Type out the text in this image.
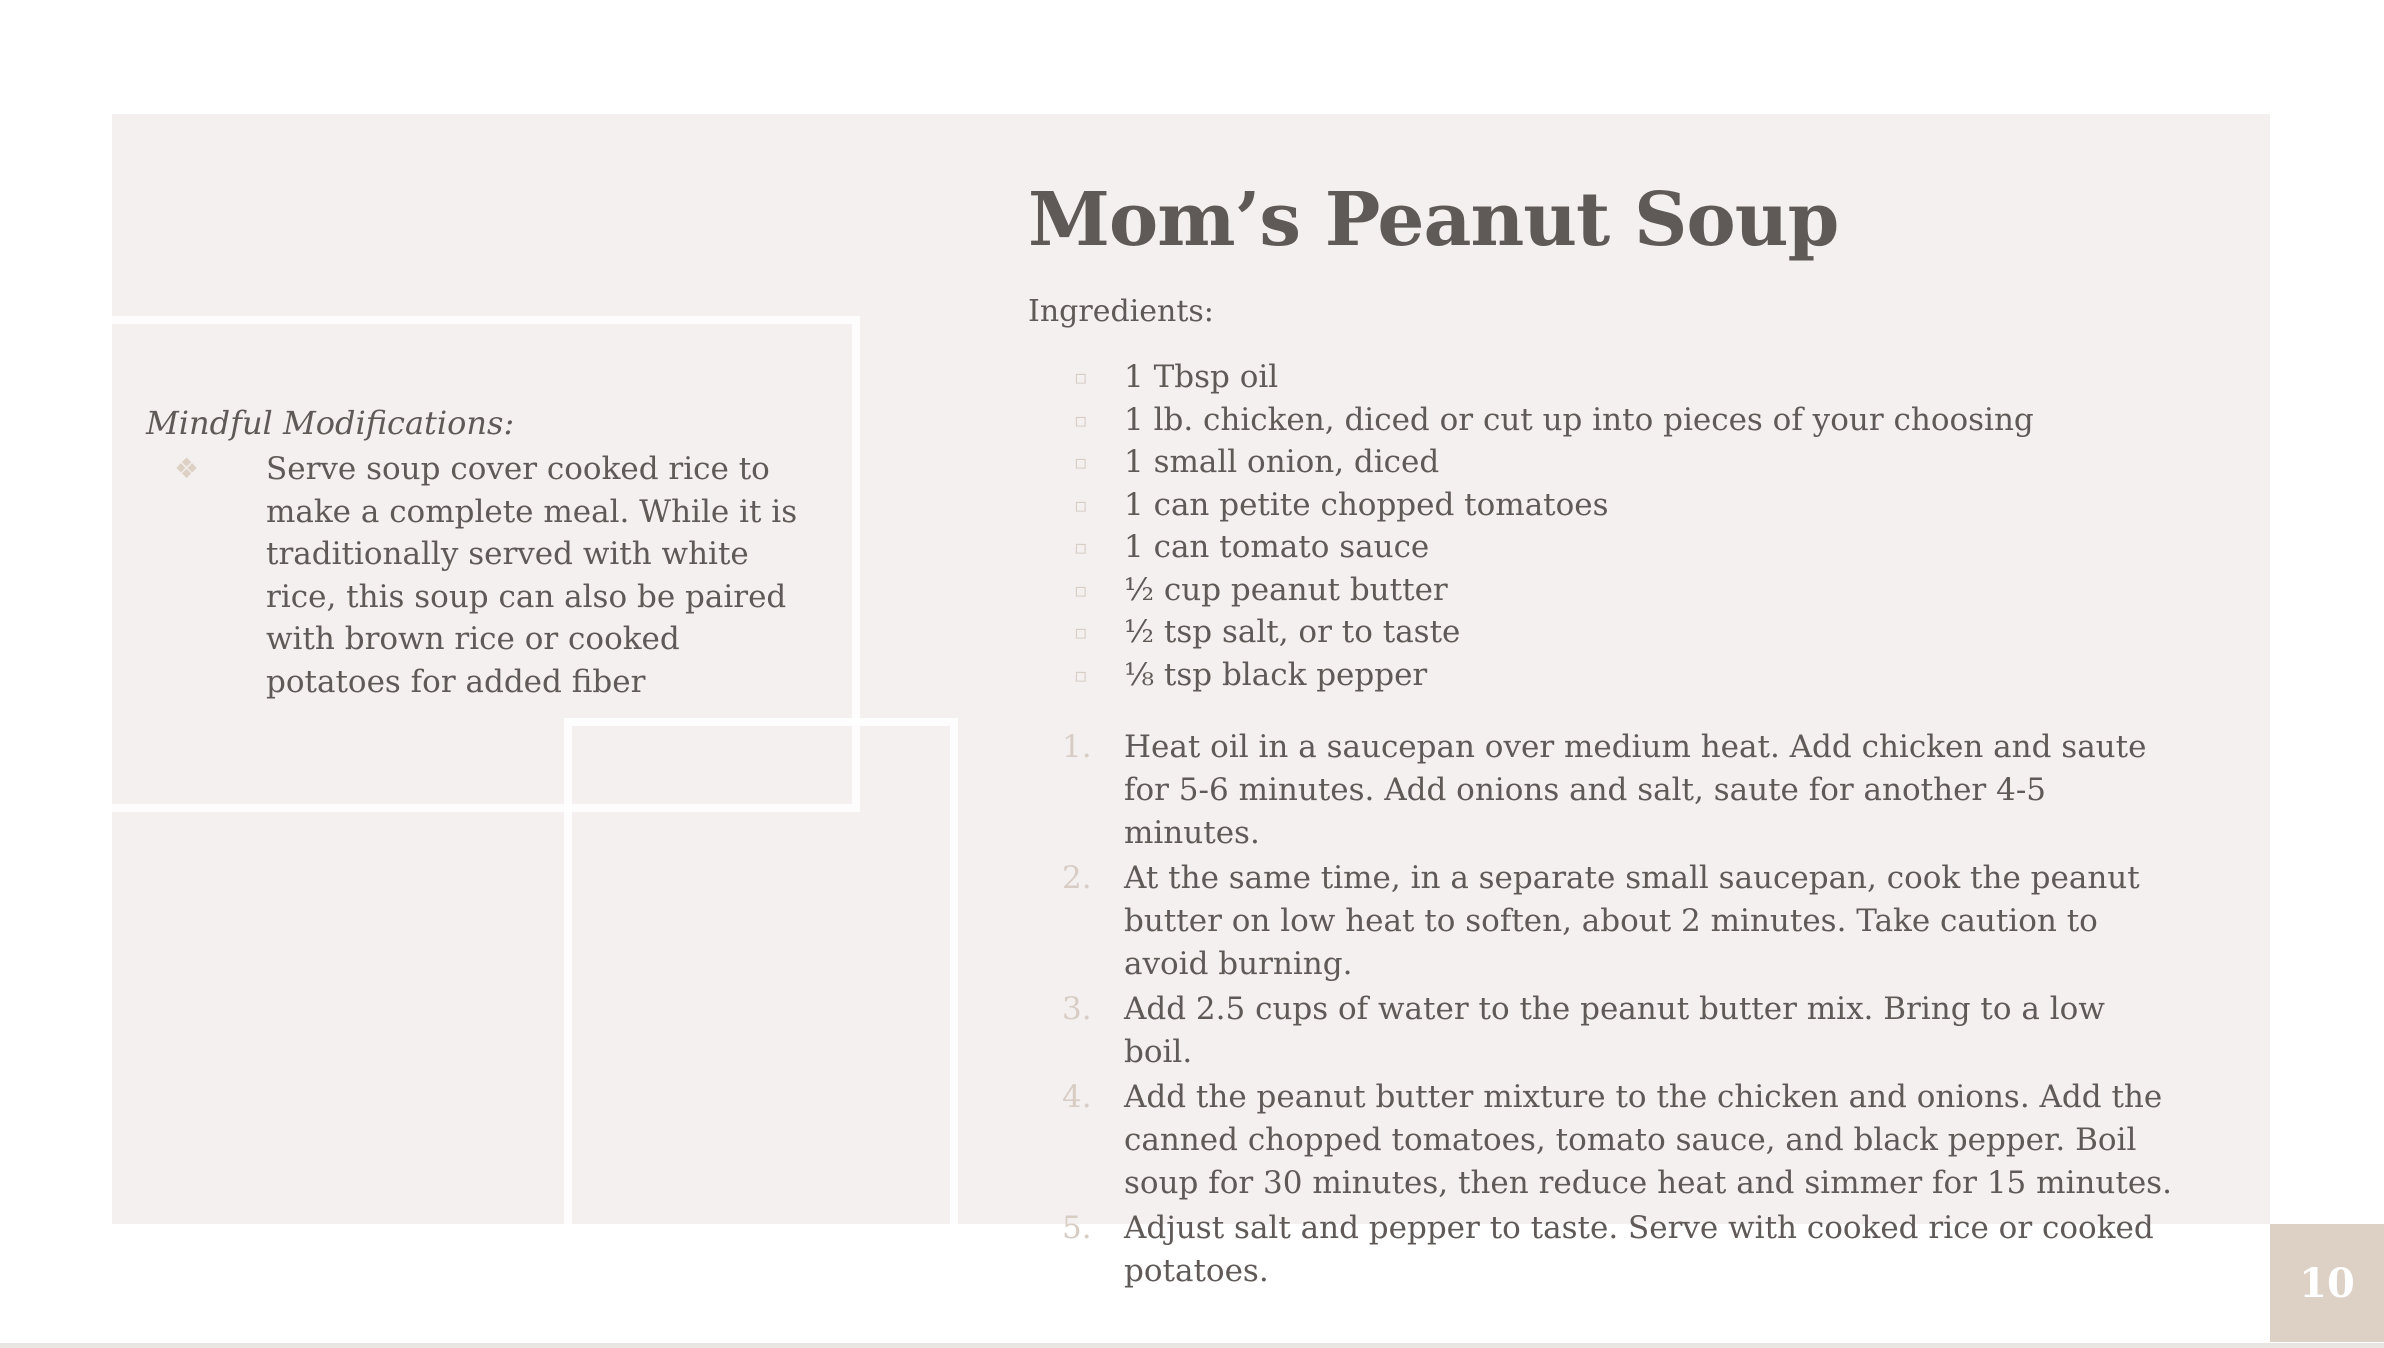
Mom’s Peanut Soup
Ingredients:
▫ 1 Tbsp oil
▫ 1 lb. chicken, diced or cut up into pieces of your choosing
▫ 1 small onion, diced
▫ 1 can petite chopped tomatoes
▫ 1 can tomato sauce
▫ ½ cup peanut butter
▫ ½ tsp salt, or to taste
▫ ⅛ tsp black pepper
1. Heat oil in a saucepan over medium heat. Add chicken and saute for 5-6 minutes. Add onions and salt, saute for another 4-5 minutes.
2. At the same time, in a separate small saucepan, cook the peanut butter on low heat to soften, about 2 minutes. Take caution to avoid burning.
3. Add 2.5 cups of water to the peanut butter mix. Bring to a low boil.
4. Add the peanut butter mixture to the chicken and onions. Add the canned chopped tomatoes, tomato sauce, and black pepper. Boil soup for 30 minutes, then reduce heat and simmer for 15 minutes.
5. Adjust salt and pepper to taste. Serve with cooked rice or cooked potatoes.
Mindful Modifications:
❖ Serve soup cover cooked rice to make a complete meal. While it is traditionally served with white rice, this soup can also be paired with brown rice or cooked potatoes for added fiber
10
